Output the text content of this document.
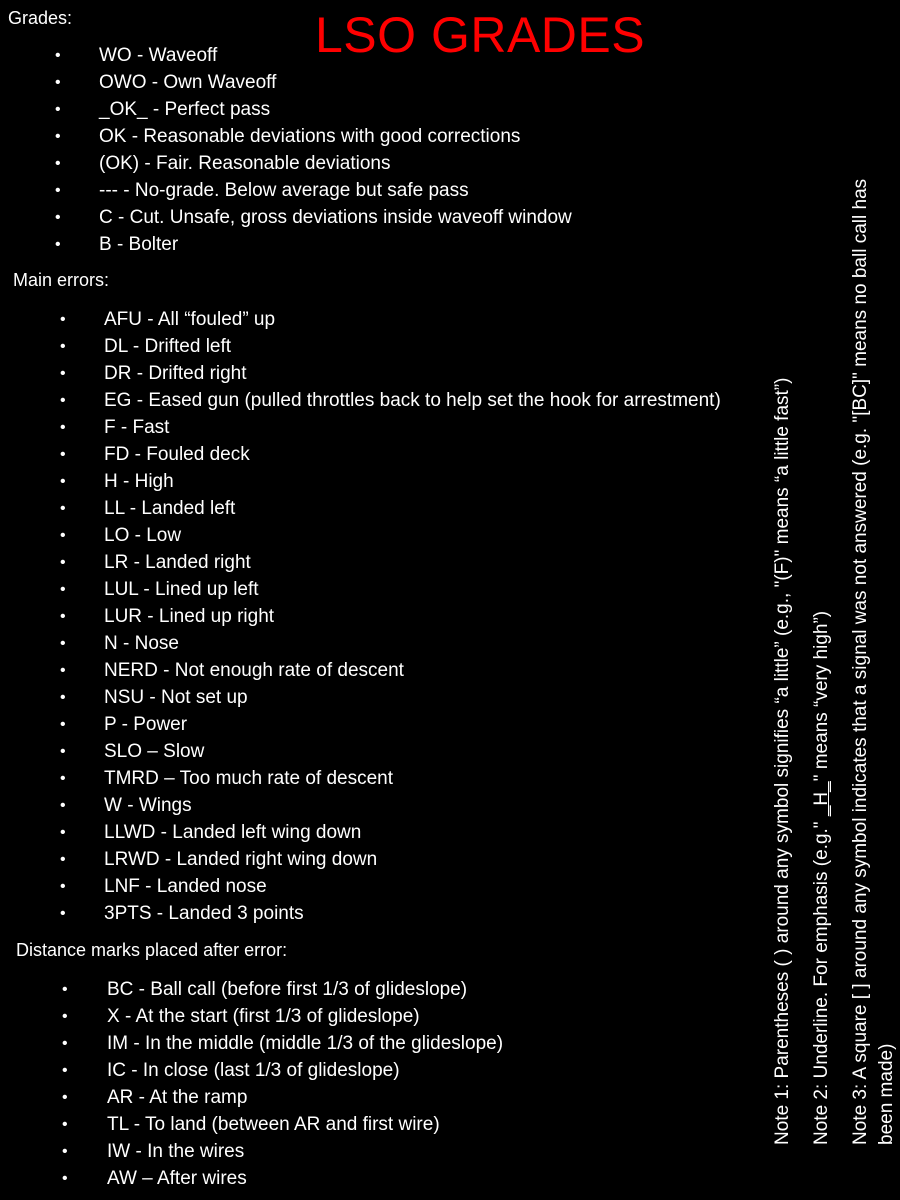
LSO GRADES
Grades:
• WO - Waveoff
• OWO - Own Waveoff
• _OK_ - Perfect pass
• OK - Reasonable deviations with good corrections
• (OK) - Fair. Reasonable deviations
• --- - No-grade. Below average but safe pass
• C - Cut. Unsafe, gross deviations inside waveoff window
• B - Bolter
Main errors:
• AFU - All “fouled” up
• DL - Drifted left
• DR - Drifted right
• EG - Eased gun (pulled throttles back to help set the hook for arrestment)
• F - Fast
• FD - Fouled deck
• H - High
• LL - Landed left
• LO - Low
• LR - Landed right
• LUL - Lined up left
• LUR - Lined up right
• N - Nose
• NERD - Not enough rate of descent
• NSU - Not set up
• P - Power
• SLO – Slow
• TMRD – Too much rate of descent
• W - Wings
• LLWD - Landed left wing down
• LRWD - Landed right wing down
• LNF - Landed nose
• 3PTS - Landed 3 points
Distance marks placed after error:
• BC - Ball call (before first 1/3 of glideslope)
• X - At the start (first 1/3 of glideslope)
• IM - In the middle (middle 1/3 of the glideslope)
• IC - In close (last 1/3 of glideslope)
• AR - At the ramp
• TL - To land (between AR and first wire)
• IW - In the wires
• AW – After wires
Note 1: Parentheses ( ) around any symbol signifies “a little” (e.g., "(F)" means “a little fast”) Note 2: Underline. For emphasis (e.g." _H_" means “very high”) Note 3: A square [ ] around any symbol indicates that a signal was not answered (e.g. "[BC]" means no ball call has been made)
